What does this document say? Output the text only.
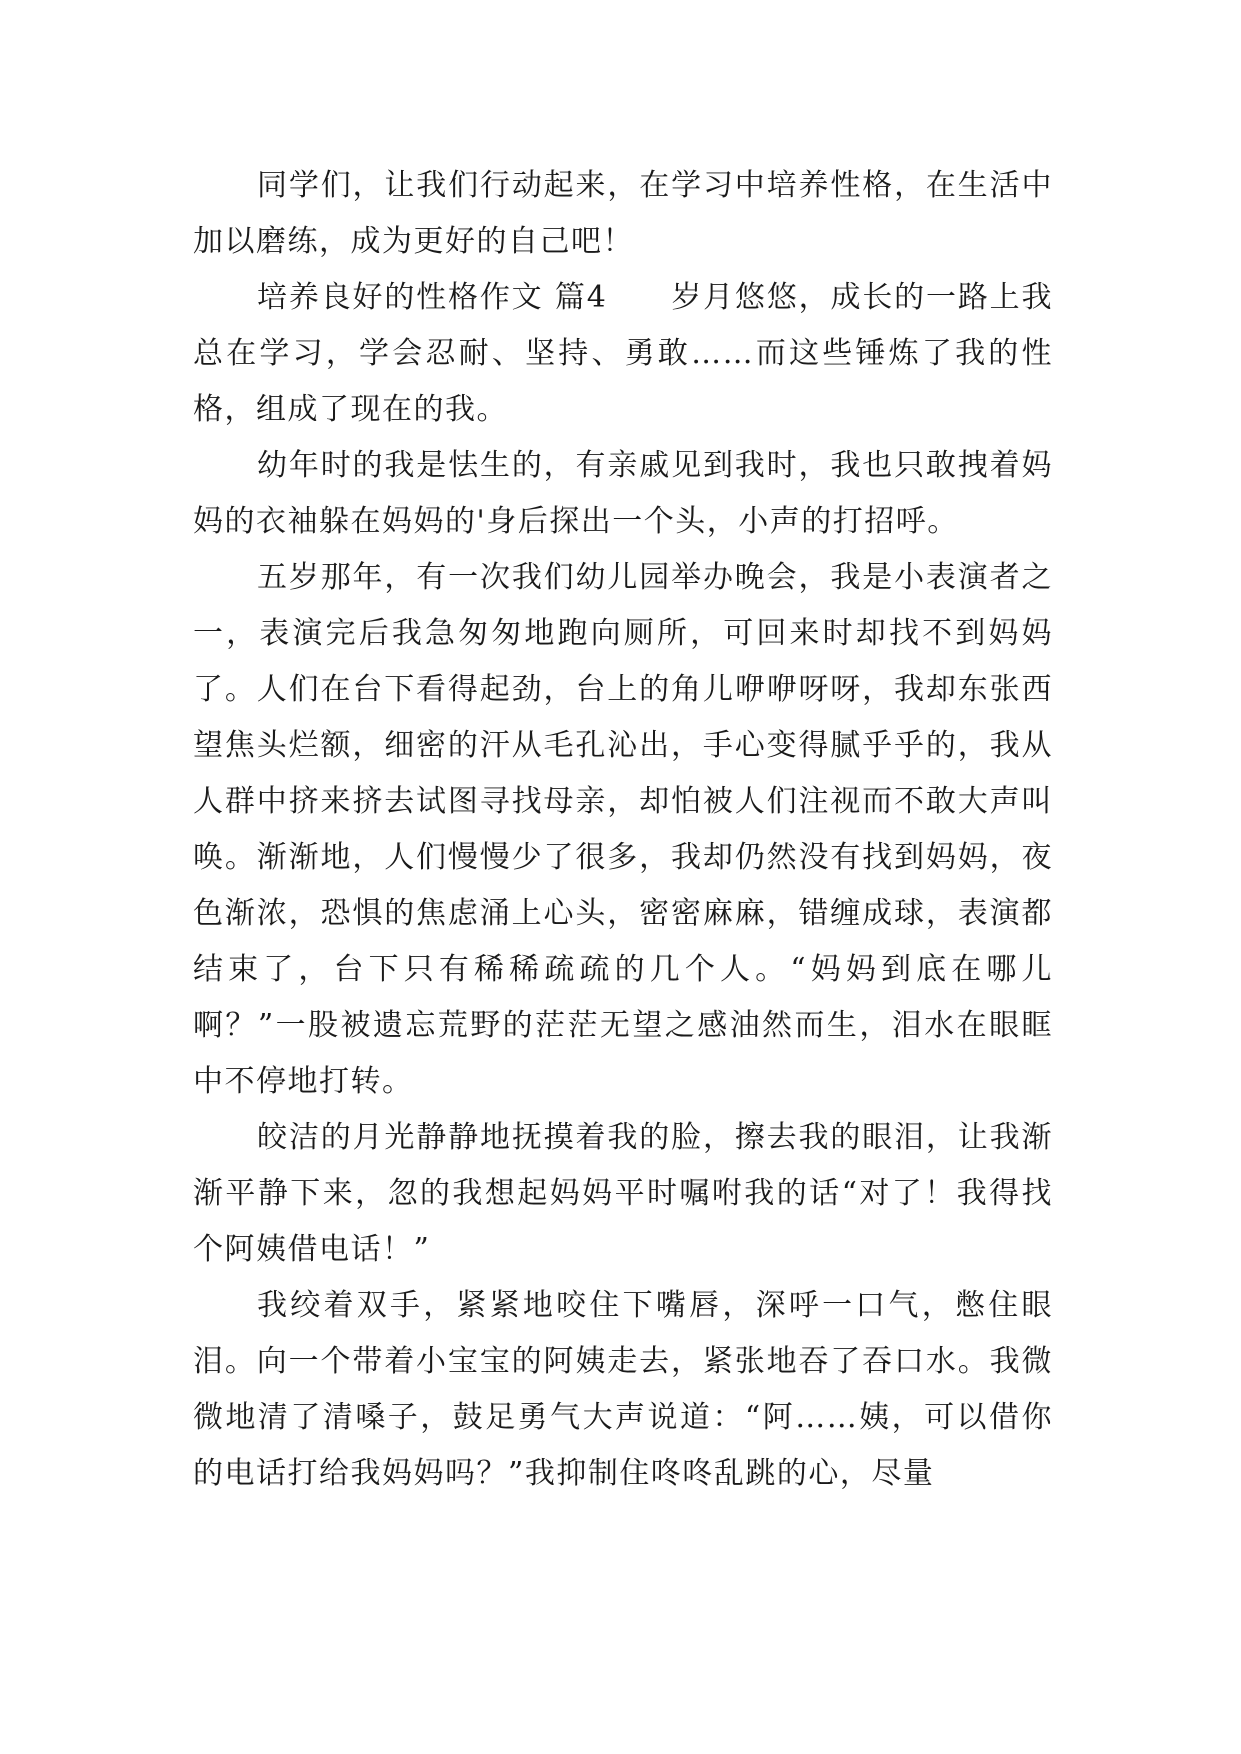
同学们，让我们行动起来，在学习中培养性格，在生活中加以磨练，成为更好的自己吧！

培养良好的性格作文 篇4　　岁月悠悠，成长的一路上我总在学习，学会忍耐、坚持、勇敢……而这些锤炼了我的性格，组成了现在的我。

幼年时的我是怯生的，有亲戚见到我时，我也只敢拽着妈妈的衣袖躲在妈妈的'身后探出一个头，小声的打招呼。

五岁那年，有一次我们幼儿园举办晚会，我是小表演者之一，表演完后我急匆匆地跑向厕所，可回来时却找不到妈妈了。人们在台下看得起劲，台上的角儿咿咿呀呀，我却东张西望焦头烂额，细密的汗从毛孔沁出，手心变得腻乎乎的，我从人群中挤来挤去试图寻找母亲，却怕被人们注视而不敢大声叫唤。渐渐地，人们慢慢少了很多，我却仍然没有找到妈妈，夜色渐浓，恐惧的焦虑涌上心头，密密麻麻，错缠成球，表演都结束了，台下只有稀稀疏疏的几个人。“妈妈到底在哪儿啊？”一股被遗忘荒野的茫茫无望之感油然而生，泪水在眼眶中不停地打转。

皎洁的月光静静地抚摸着我的脸，擦去我的眼泪，让我渐渐平静下来，忽的我想起妈妈平时嘱咐我的话“对了！我得找个阿姨借电话！”

我绞着双手，紧紧地咬住下嘴唇，深呼一口气，憋住眼泪。向一个带着小宝宝的阿姨走去，紧张地吞了吞口水。我微微地清了清嗓子，鼓足勇气大声说道：“阿……姨，可以借你的电话打给我妈妈吗？”我抑制住咚咚乱跳的心，尽量
